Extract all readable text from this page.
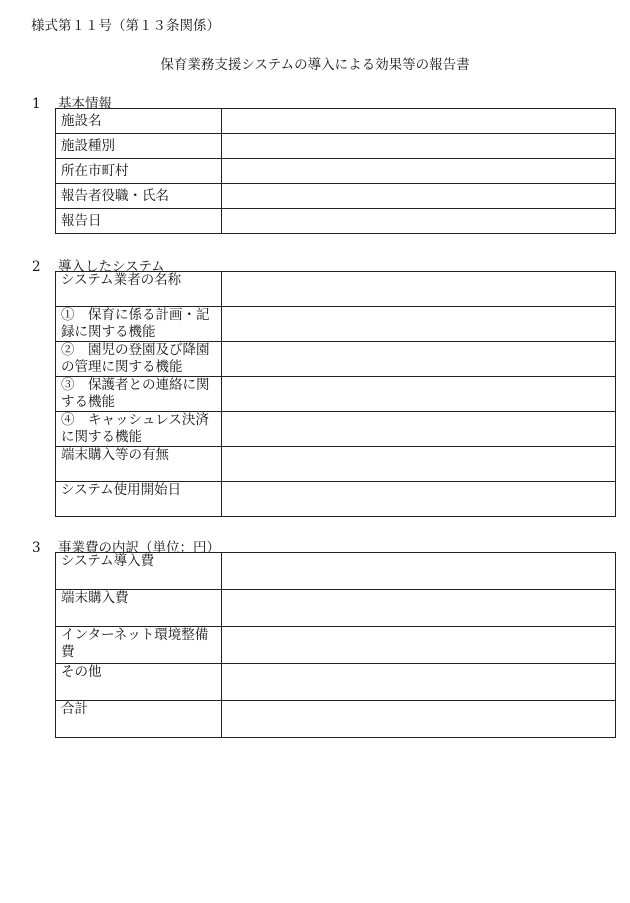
様式第１１号（第１３条関係）
保育業務支援システムの導入による効果等の報告書
1 基本情報
施設名	
施設種別	
所在市町村	
報告者役職・氏名	
報告日	
2 導入したシステム
システム業者の名称	
①　保育に係る計画・記録に関する機能	
②　園児の登園及び降園の管理に関する機能	
③　保護者との連絡に関する機能	
④　キャッシュレス決済に関する機能	
端末購入等の有無	
システム使用開始日	
3 事業費の内訳（単位：円）
システム導入費	
端末購入費	
インターネット環境整備費	
その他	
合計	
